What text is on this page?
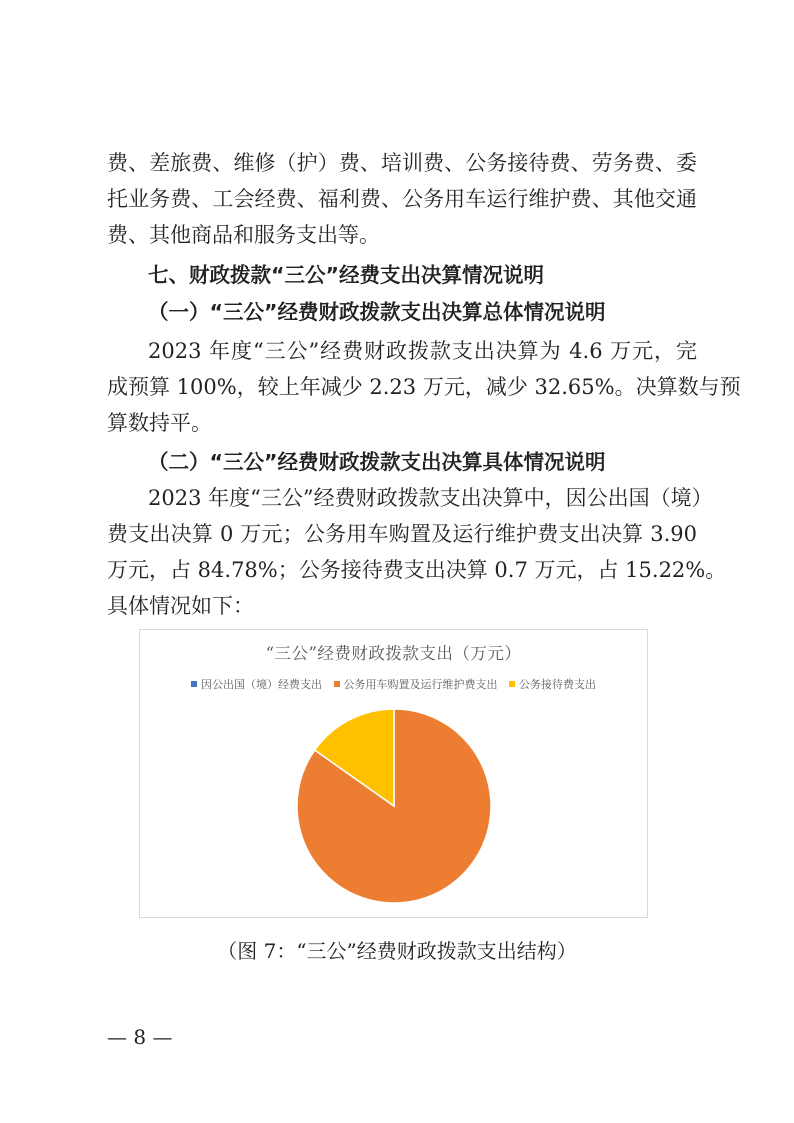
费、差旅费、维修（护）费、培训费、公务接待费、劳务费、委
托业务费、工会经费、福利费、公务用车运行维护费、其他交通
费、其他商品和服务支出等。
七、财政拨款“三公”经费支出决算情况说明
（一）“三公”经费财政拨款支出决算总体情况说明
2023 年度“三公”经费财政拨款支出决算为 4.6 万元，完
成预算 100%，较上年减少 2.23 万元，减少 32.65%。决算数与预
算数持平。
（二）“三公”经费财政拨款支出决算具体情况说明
2023 年度“三公”经费财政拨款支出决算中，因公出国（境）
费支出决算 0 万元；公务用车购置及运行维护费支出决算 3.90
万元，占 84.78%；公务接待费支出决算 0.7 万元，占 15.22%。
具体情况如下：
“三公”经费财政拨款支出（万元）
因公出国（境）经费支出 公务用车购置及运行维护费支出 公务接待费支出
（图 7：“三公”经费财政拨款支出结构）
— 8 —
